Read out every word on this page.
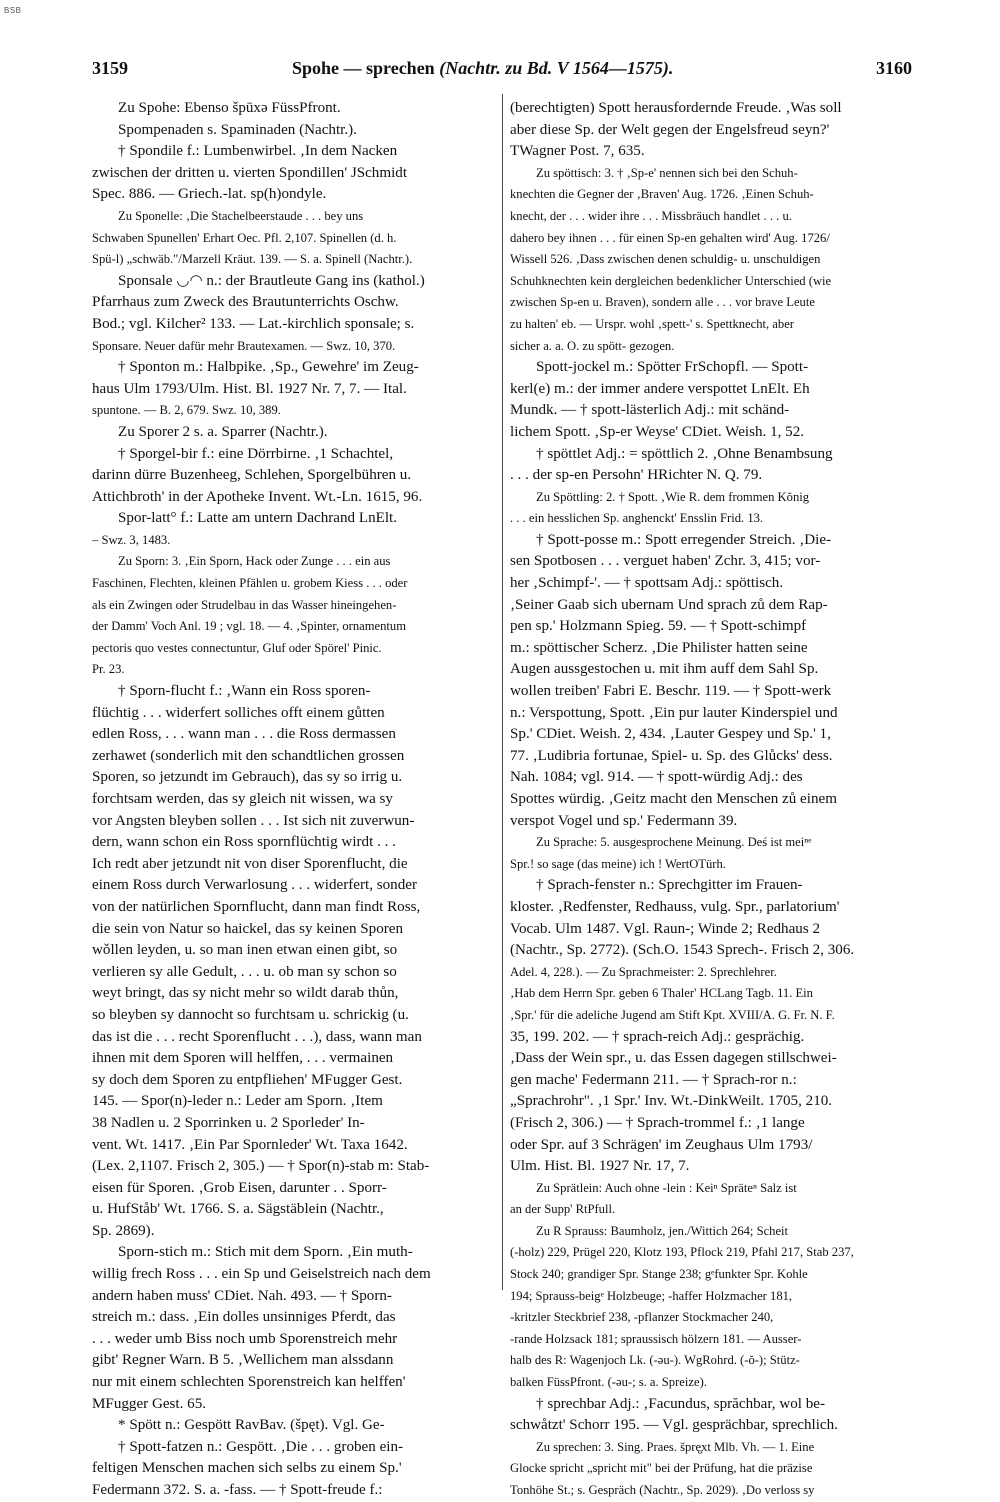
BSB
3159	Spohe — sprechen (Nachtr. zu Bd. V 1564—1575).	3160
Zu Spohe: Ebenso špūxə FüssPfront.
Spompenaden s. Spaminaden (Nachtr.).
† Spondile f.: Lumbenwirbel. ‚In dem Nacken
zwischen der dritten u. vierten Spondillen' JSchmidt
Spec. 886. — Griech.-lat. sp(h)ondyle.
Zu Sponelle: ‚Die Stachelbeerstaude . . . bey uns
Schwaben Spunellen' Erhart Oec. Pfl. 2,107. Spinellen (d. h.
Spü-l) „schwäb."/Marzell Kräut. 139. — S. a. Spinell (Nachtr.).
Sponsale ◡◠ n.: der Brautleute Gang ins (kathol.)
Pfarrhaus zum Zweck des Brautunterrichts Oschw.
Bod.; vgl. Kilcher² 133. — Lat.-kirchlich sponsale; s.
Sponsare. Neuer dafür mehr Brautexamen. — Swz. 10, 370.
† Sponton m.: Halbpike. ‚Sp., Gewehre' im Zeug-
haus Ulm 1793/Ulm. Hist. Bl. 1927 Nr. 7, 7. — Ital.
spuntone. — B. 2, 679. Swz. 10, 389.
Zu Sporer 2 s. a. Sparrer (Nachtr.).
† Sporgel-bir f.: eine Dörrbirne. ‚1 Schachtel,
darinn dürre Buzenheeg, Schlehen, Sporgelbühren u.
Attichbroth' in der Apotheke Invent. Wt.-Ln. 1615, 96.
Spor-latt° f.: Latte am untern Dachrand LnElt.
– Swz. 3, 1483.
Zu Sporn: 3. ‚Ein Sporn, Hack oder Zunge . . . ein aus
Faschinen, Flechten, kleinen Pfählen u. grobem Kiess . . . oder
als ein Zwingen oder Strudelbau in das Wasser hineingehen-
der Damm' Voch Anl. 19 ; vgl. 18. — 4. ‚Spinter, ornamentum
pectoris quo vestes connectuntur, Gluf oder Spörel' Pinic.
Pr. 23.
† Sporn-flucht f.: ‚Wann ein Ross sporen-
flüchtig . . . widerfert solliches offt einem gůtten
edlen Ross, . . . wann man . . . die Ross dermassen
zerhawet (sonderlich mit den schandtlichen grossen
Sporen, so jetzundt im Gebrauch), das sy so irrig u.
forchtsam werden, das sy gleich nit wissen, wa sy
vor Angsten bleyben sollen . . . Ist sich nit zuverwun-
dern, wann schon ein Ross spornflüchtig wirdt . . .
Ich redt aber jetzundt nit von diser Sporenflucht, die
einem Ross durch Verwarlosung . . . widerfert, sonder
von der natürlichen Spornflucht, dann man findt Ross,
die sein von Natur so haickel, das sy keinen Sporen
wǒllen leyden, u. so man inen etwan einen gibt, so
verlieren sy alle Gedult, . . . u. ob man sy schon so
weyt bringt, das sy nicht mehr so wildt darab thůn,
so bleyben sy dannocht so furchtsam u. schrickig (u.
das ist die . . . recht Sporenflucht . . .), dass, wann man
ihnen mit dem Sporen will helffen, . . . vermainen
sy doch dem Sporen zu entpfliehen' MFugger Gest.
145. — Spor(n)-leder n.: Leder am Sporn. ‚Item
38 Nadlen u. 2 Sporrinken u. 2 Sporleder' In-
vent. Wt. 1417. ‚Ein Par Spornleder' Wt. Taxa 1642.
(Lex. 2,1107. Frisch 2, 305.) — † Spor(n)-stab m: Stab-
eisen für Sporen. ‚Grob Eisen, darunter . . Sporr-
u. HufStåb' Wt. 1766. S. a. Sägstäblein (Nachtr.,
Sp. 2869).
Sporn-stich m.: Stich mit dem Sporn. ‚Ein muth-
willig frech Ross . . . ein Sp und Geiselstreich nach dem
andern haben muss' CDiet. Nah. 493. — † Sporn-
streich m.: dass. ‚Ein dolles unsinniges Pferdt, das
. . . weder umb Biss noch umb Sporenstreich mehr
gibt' Regner Warn. B 5. ‚Wellichem man alssdann
nur mit einem schlechten Sporenstreich kan helffen'
MFugger Gest. 65.
* Spött n.: Gespött RavBav. (špęt). Vgl. Ge-
† Spott-fatzen n.: Gespött. ‚Die . . . groben ein-
feltigen Menschen machen sich selbs zu einem Sp.'
Federmann 372. S. a. -fass. — † Spott-freude f.:
(berechtigten) Spott herausfordernde Freude. ‚Was soll
aber diese Sp. der Welt gegen der Engelsfreud seyn?'
TWagner Post. 7, 635.
Zu spöttisch: 3. † ‚Sp-e' nennen sich bei den Schuh-
knechten die Gegner der ‚Braven' Aug. 1726. ‚Einen Schuh-
knecht, der . . . wider ihre . . . Missbräuch handlet . . . u.
dahero bey ihnen . . . für einen Sp-en gehalten wird' Aug. 1726/
Wissell 526. ‚Dass zwischen denen schuldig- u. unschuldigen
Schuhknechten kein dergleichen bedenklicher Unterschied (wie
zwischen Sp-en u. Braven), sondern alle . . . vor brave Leute
zu halten' eb. — Urspr. wohl ‚spett-' s. Spettknecht, aber
sicher a. a. O. zu spött- gezogen.
Spott-jockel m.: Spötter FrSchopfl. — Spott-
kerl(e) m.: der immer andere verspottet LnElt. Eh
Mundk. — † spott-lästerlich Adj.: mit schänd-
lichem Spott. ‚Sp-er Weyse' CDiet. Weish. 1, 52.
† spöttlet Adj.: = spöttlich 2. ‚Ohne Benambsung
. . . der sp-en Persohn' HRichter N. Q. 79.
Zu Spöttling: 2. † Spott. ‚Wie R. dem frommen Kŏnig
. . . ein hesslichen Sp. anghenckt' Ensslin Frid. 13.
† Spott-posse m.: Spott erregender Streich. ‚Die-
sen Spotbosen . . . verguet haben' Zchr. 3, 415; vor-
her ‚Schimpf-'. — † spottsam Adj.: spöttisch.
‚Seiner Gaab sich ubernam Und sprach zů dem Rap-
pen sp.' Holzmann Spieg. 59. — † Spott-schimpf
m.: spöttischer Scherz. ‚Die Philister hatten seine
Augen aussgestochen u. mit ihm auff dem Sahl Sp.
wollen treiben' Fabri E. Beschr. 119. — † Spott-werk
n.: Verspottung, Spott. ‚Ein pur lauter Kinderspiel und
Sp.' CDiet. Weish. 2, 434. ‚Lauter Gespey und Sp.' 1,
77. ‚Ludibria fortunae, Spiel- u. Sp. des Glůcks' dess.
Nah. 1084; vgl. 914. — † spott-würdig Adj.: des
Spottes würdig. ‚Geitz macht den Menschen zů einem
verspot Vogel und sp.' Federmann 39.
Zu Sprache: 5. ausgesprochene Meinung. Deś ist meiⁿᵉ
Spr.! so sage (das meine) ich ! WertOTürh.
† Sprach-fenster n.: Sprechgitter im Frauen-
kloster. ‚Redfenster, Redhauss, vulg. Spr., parlatorium'
Vocab. Ulm 1487. Vgl. Raun-; Winde 2; Redhaus 2
(Nachtr., Sp. 2772). (Sch.O. 1543 Sprech-. Frisch 2, 306.
Adel. 4, 228.). — Zu Sprachmeister: 2. Sprechlehrer.
‚Hab dem Herrn Spr. geben 6 Thaler' HCLang Tagb. 11. Ein
‚Spr.' für die adeliche Jugend am Stift Kpt. XVIII/A. G. Fr. N. F.
35, 199. 202. — † sprach-reich Adj.: gesprächig.
‚Dass der Wein spr., u. das Essen dagegen stillschwei-
gen mache' Federmann 211. — † Sprach-ror n.:
„Sprachrohr". ‚1 Spr.' Inv. Wt.-DinkWeilt. 1705, 210.
(Frisch 2, 306.) — † Sprach-trommel f.: ‚1 lange
oder Spr. auf 3 Schrägen' im Zeughaus Ulm 1793/
Ulm. Hist. Bl. 1927 Nr. 17, 7.
Zu Sprätlein: Auch ohne -lein : Keiⁿ Spräteⁿ Salz ist
an der Supp' RtPfull.
Zu R Sprauss: Baumholz, jen./Wittich 264; Scheit
(-holz) 229, Prügel 220, Klotz 193, Pflock 219, Pfahl 217, Stab 237,
Stock 240; grandiger Spr. Stange 238; gᵉfunkter Spr. Kohle
194; Sprauss-beigᵉ Holzbeuge; -haffer Holzmacher 181,
-kritzler Steckbrief 238, -pflanzer Stockmacher 240,
-rande Holzsack 181; spraussisch hölzern 181. — Ausser-
halb des R: Wagenjoch Lk. (-əu-). WgRohrd. (-ŏ-); Stütz-
balken FüssPfront. (-əu-; s. a. Spreize).
† sprechbar Adj.: ‚Facundus, sprăchbar, wol be-
schwåtzt' Schorr 195. — Vgl. gesprächbar, sprechlich.
Zu sprechen: 3. Sing. Praes. šprę̧xt Mlb. Vh. — 1. Eine
Glocke spricht „spricht mit" bei der Prüfung, hat die präzise
Tonhöhe St.; s. Gespräch (Nachtr., Sp. 2029). ‚Do verloss sy
